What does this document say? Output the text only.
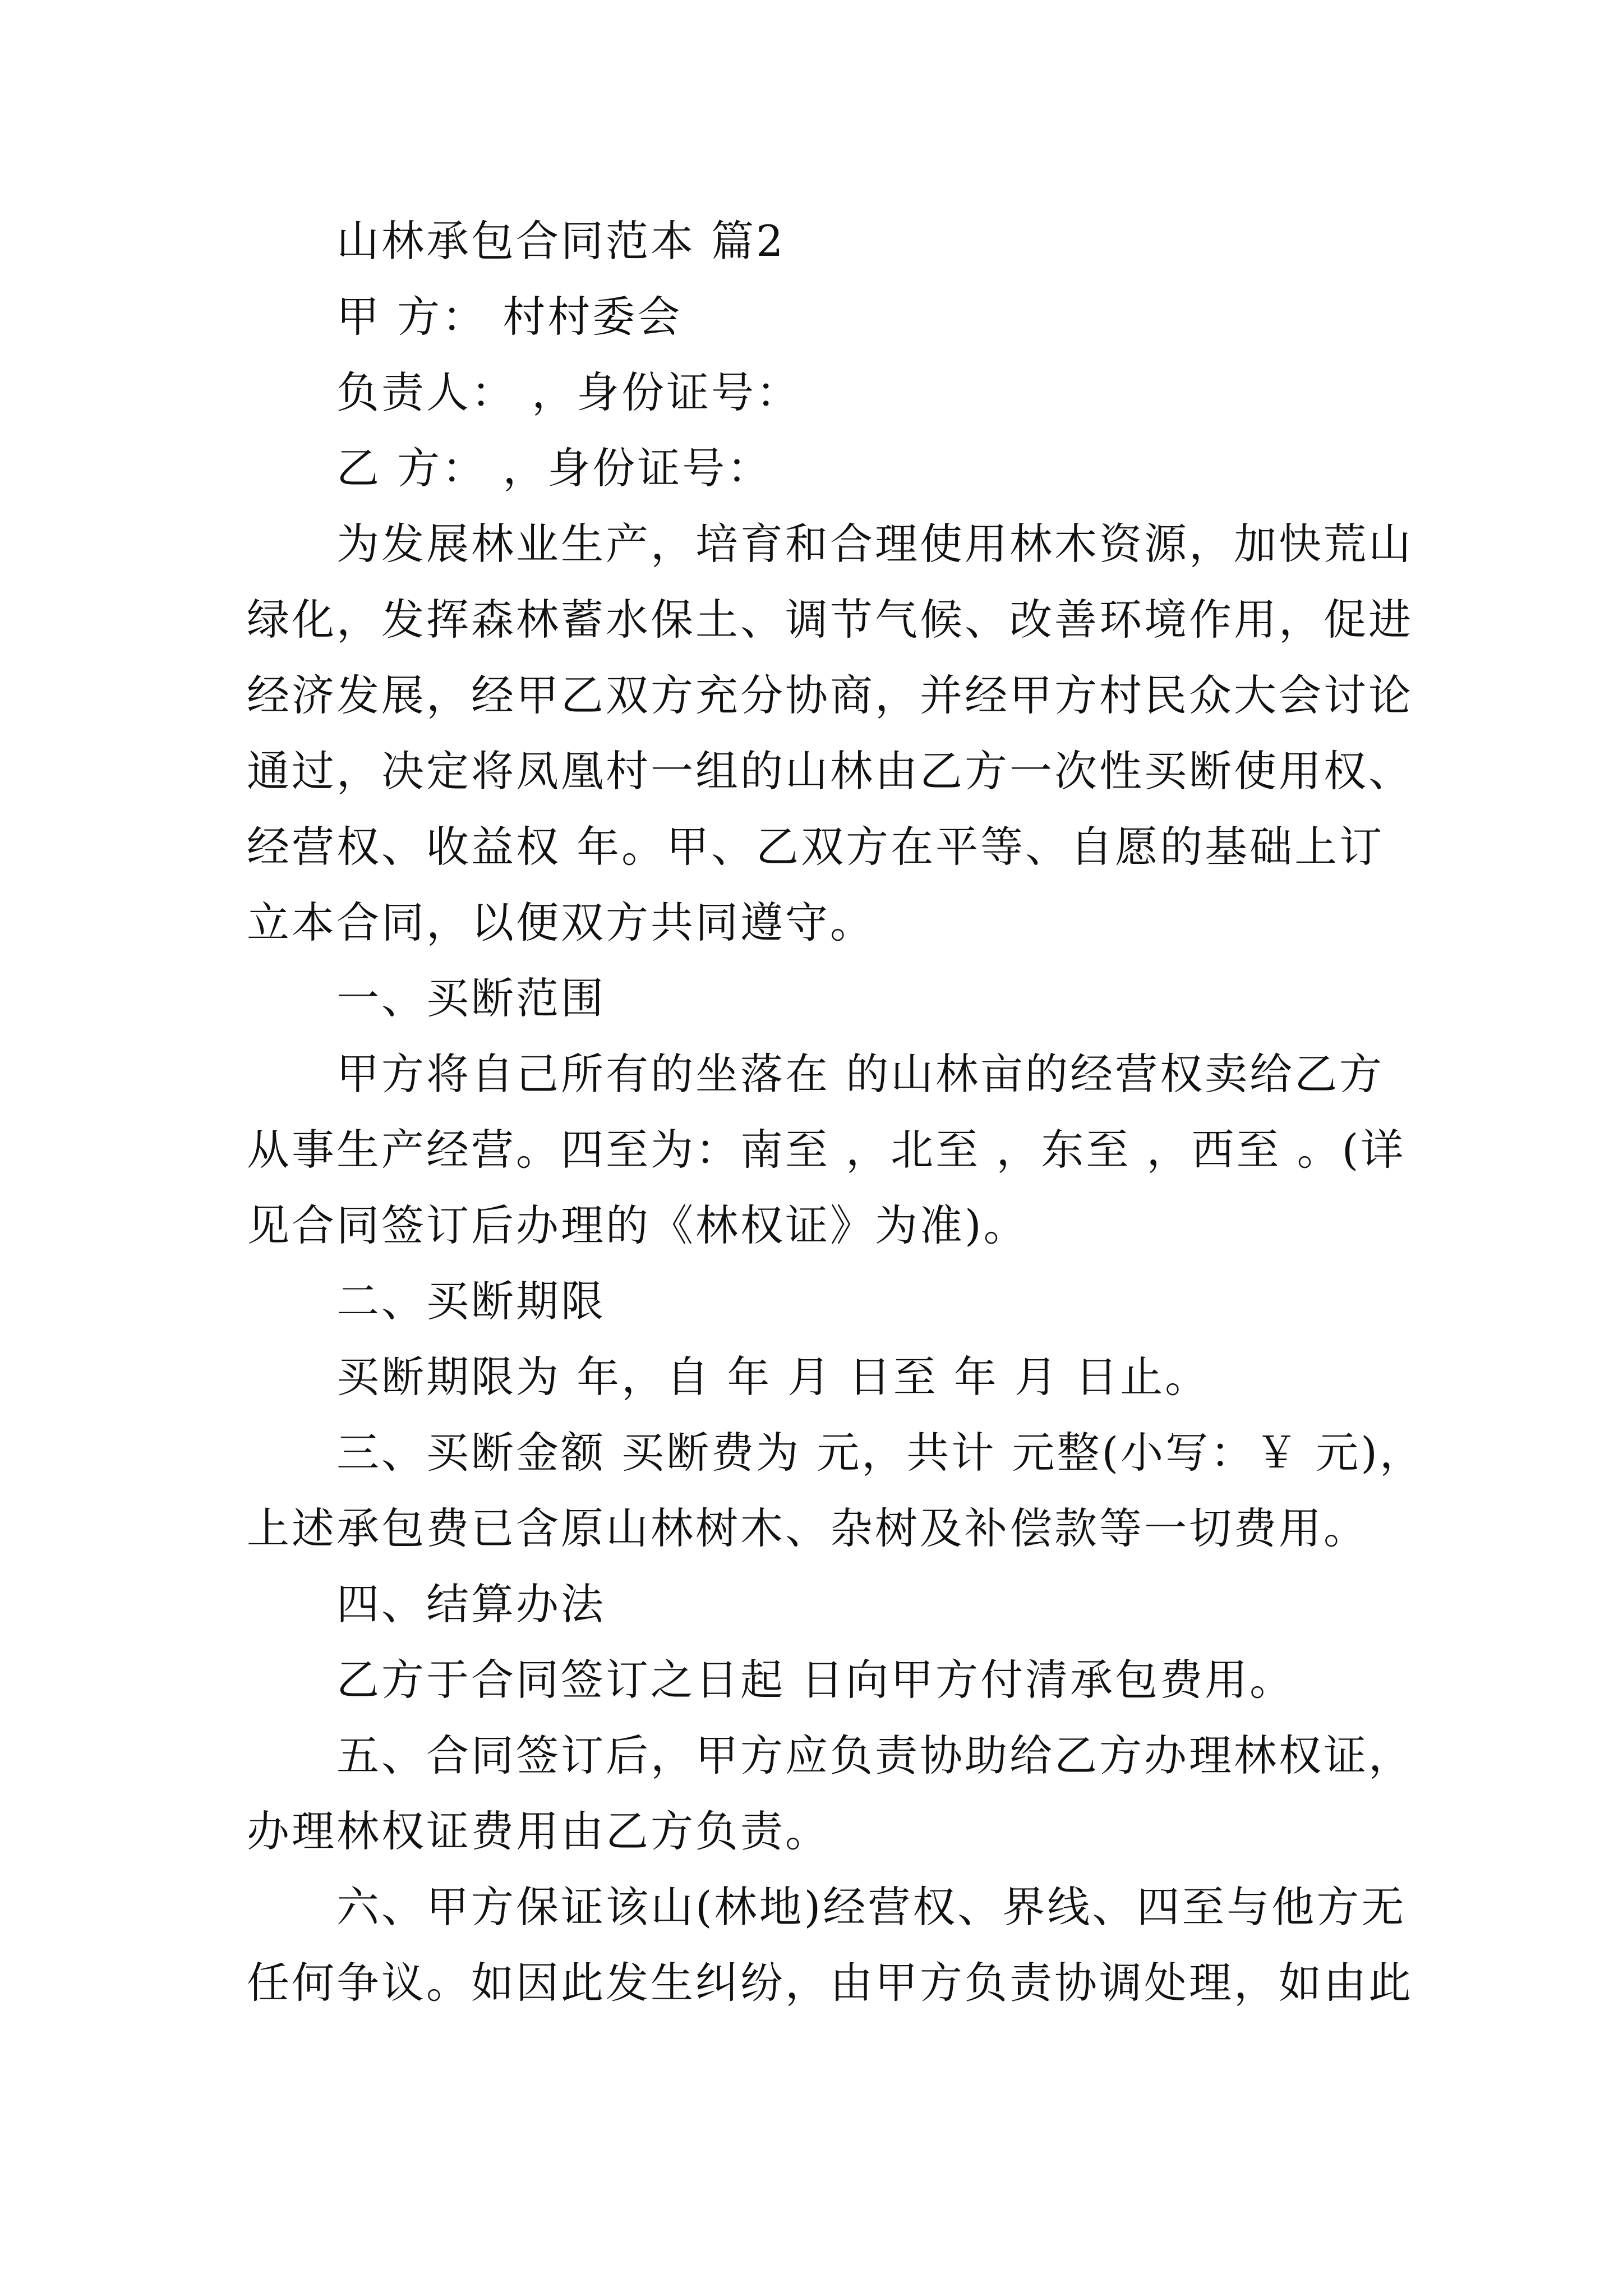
山林承包合同范本 篇2
甲 方： 村村委会
负责人： ，身份证号：
乙 方： ，身份证号：
为发展林业生产，培育和合理使用林木资源，加快荒山
绿化，发挥森林蓄水保土、调节气候、改善环境作用，促进
经济发展，经甲乙双方充分协商，并经甲方村民众大会讨论
通过，决定将凤凰村一组的山林由乙方一次性买断使用权、
经营权、收益权 年。甲、乙双方在平等、自愿的基础上订
立本合同，以便双方共同遵守。
一、买断范围
甲方将自己所有的坐落在 的山林亩的经营权卖给乙方
从事生产经营。四至为：南至 ，北至 ，东至 ，西至 。(详
见合同签订后办理的《林权证》为准)。
二、买断期限
买断期限为 年，自 年 月 日至 年 月 日止。
三、买断金额 买断费为 元，共计 元整(小写：￥ 元)，
上述承包费已含原山林树木、杂树及补偿款等一切费用。
四、结算办法
乙方于合同签订之日起 日向甲方付清承包费用。
五、合同签订后，甲方应负责协助给乙方办理林权证，
办理林权证费用由乙方负责。
六、甲方保证该山(林地)经营权、界线、四至与他方无
任何争议。如因此发生纠纷，由甲方负责协调处理，如由此
